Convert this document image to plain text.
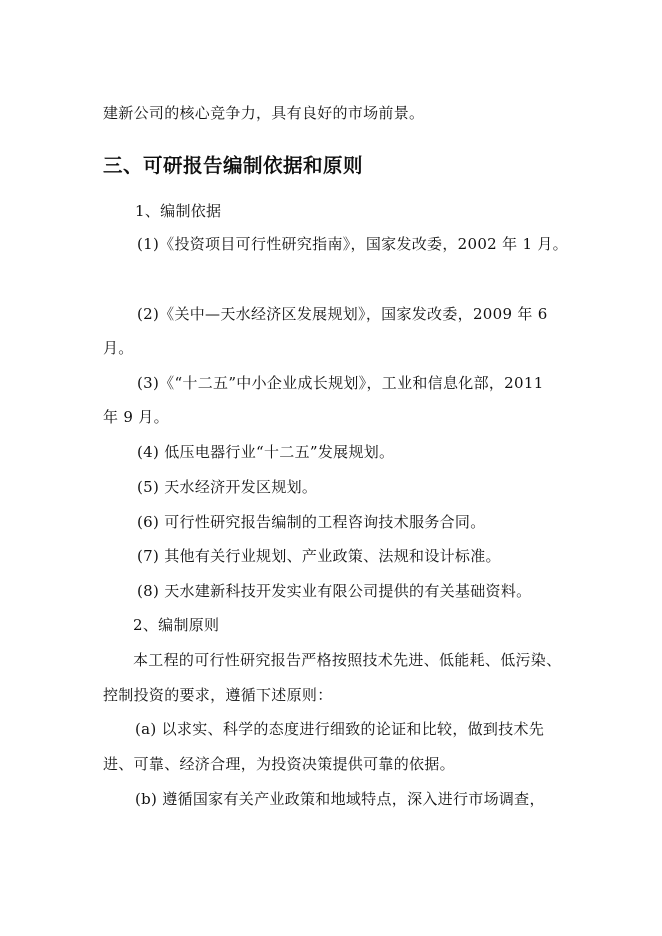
建新公司的核心竞争力，具有良好的市场前景。
三、可研报告编制依据和原则
1、编制依据
(1)《投资项目可行性研究指南》，国家发改委，2002 年 1 月。
(2)《关中—天水经济区发展规划》，国家发改委，2009 年 6
月。
(3)《“十二五”中小企业成长规划》，工业和信息化部，2011
年 9 月。
(4) 低压电器行业“十二五”发展规划。
(5) 天水经济开发区规划。
(6) 可行性研究报告编制的工程咨询技术服务合同。
(7) 其他有关行业规划、产业政策、法规和设计标准。
(8) 天水建新科技开发实业有限公司提供的有关基础资料。
2、编制原则
本工程的可行性研究报告严格按照技术先进、低能耗、低污染、
控制投资的要求，遵循下述原则：
(a) 以求实、科学的态度进行细致的论证和比较，做到技术先
进、可靠、经济合理，为投资决策提供可靠的依据。
(b) 遵循国家有关产业政策和地域特点，深入进行市场调查，
